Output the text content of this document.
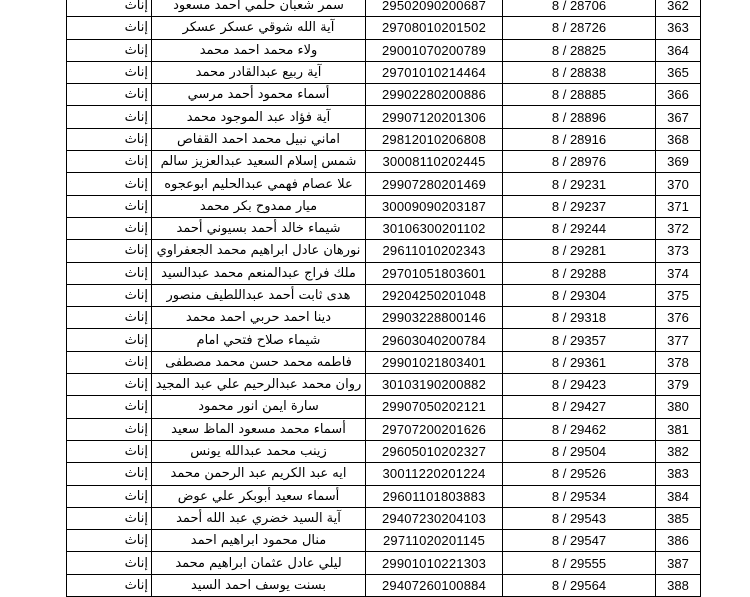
إناث	سمر شعبان حلمي احمد مسعود	29502090200687	8 / 28706	362
إناث	آية الله شوقي عسكر عسكر	29708010201502	8 / 28726	363
إناث	ولاء محمد احمد محمد	29001070200789	8 / 28825	364
إناث	آية ربيع عبدالقادر محمد	29701010214464	8 / 28838	365
إناث	أسماء محمود أحمد مرسي	29902280200886	8 / 28885	366
إناث	آية فؤاد عبد الموجود محمد	29907120201306	8 / 28896	367
إناث	اماني نبيل محمد احمد القفاص	29812010206808	8 / 28916	368
إناث	شمس إسلام السعيد عبدالعزيز سالم	30008110202445	8 / 28976	369
إناث	علا عصام فهمي عبدالحليم ابوعجوه	29907280201469	8 / 29231	370
إناث	ميار ممدوح بكر محمد	30009090203187	8 / 29237	371
إناث	شيماء خالد أحمد بسيوني أحمد	30106300201102	8 / 29244	372
إناث	نورهان عادل ابراهيم محمد الجعفراوي	29611010202343	8 / 29281	373
إناث	ملك فراج عبدالمنعم محمد عبدالسيد	29701051803601	8 / 29288	374
إناث	هدى ثابت أحمد عبداللطيف منصور	29204250201048	8 / 29304	375
إناث	دينا احمد حربي احمد محمد	29903228800146	8 / 29318	376
إناث	شيماء صلاح فتحي امام	29603040200784	8 / 29357	377
إناث	فاطمه محمد حسن محمد مصطفى	29901021803401	8 / 29361	378
إناث	روان محمد عبدالرحيم علي عبد المجيد	30103190200882	8 / 29423	379
إناث	سارة ايمن انور محمود	29907050202121	8 / 29427	380
إناث	أسماء محمد مسعود الماظ سعيد	29707200201626	8 / 29462	381
إناث	زينب محمد عبدالله يونس	29605010202327	8 / 29504	382
إناث	ايه عبد الكريم عبد الرحمن محمد	30011220201224	8 / 29526	383
إناث	أسماء سعيد أبوبكر علي عوض	29601101803883	8 / 29534	384
إناث	آية السيد خضري عبد الله أحمد	29407230204103	8 / 29543	385
إناث	منال محمود ابراهيم احمد	29711020201145	8 / 29547	386
إناث	ليلي عادل عثمان ابراهيم محمد	29901010221303	8 / 29555	387
إناث	بسنت يوسف احمد السيد	29407260100884	8 / 29564	388
